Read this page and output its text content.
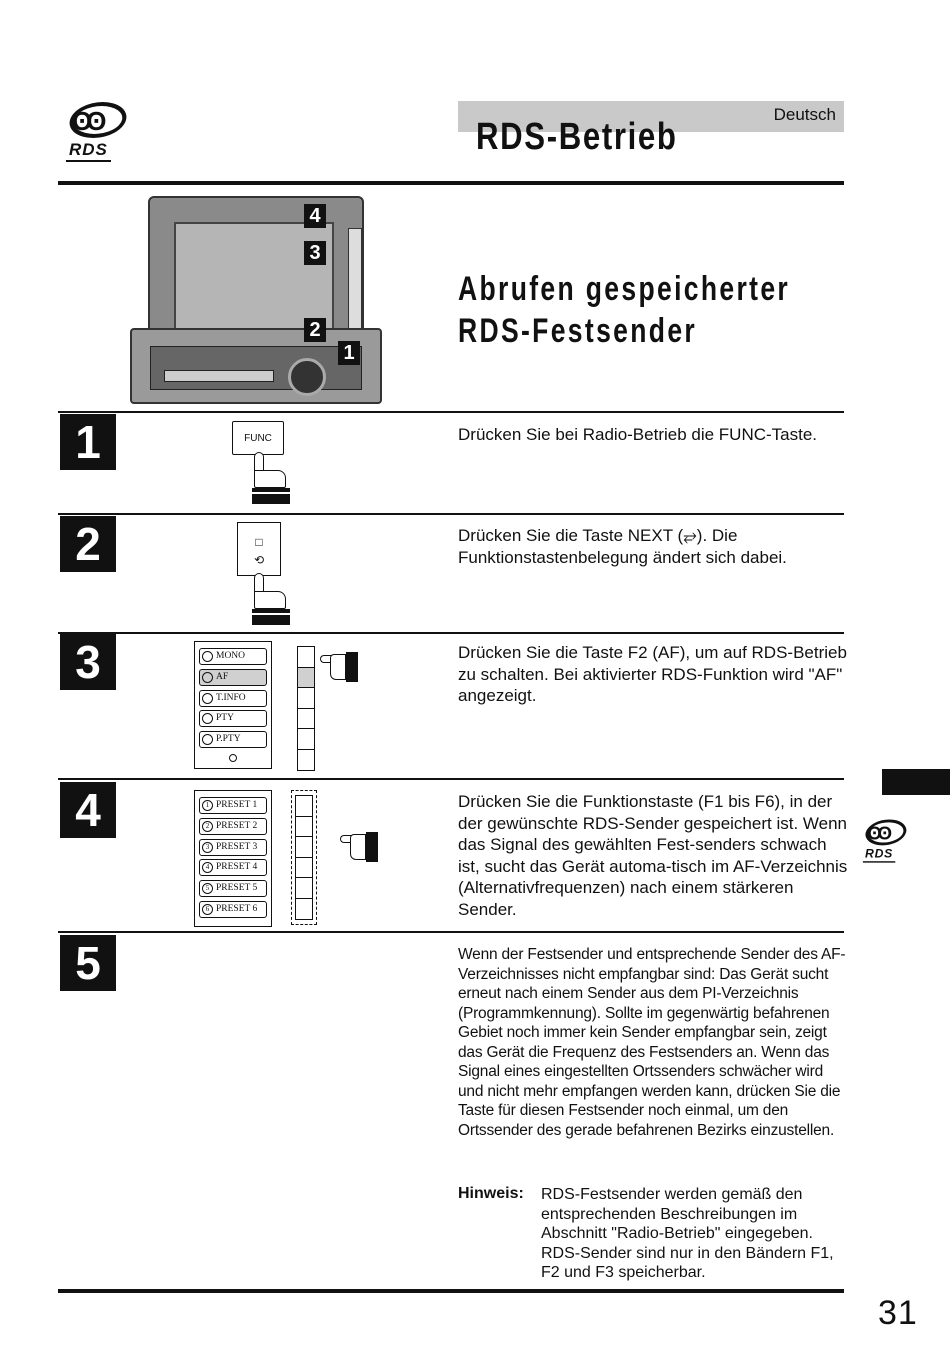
ʘʘ
RDS
Deutsch
RDS-Betrieb
4
3
2
1
Abrufen gespeicherter
RDS-Festsender
1	FUNC	Drücken Sie bei Radio-Betrieb die FUNC-Taste.
2	□
⟲
Drücken Sie die Taste NEXT (⥂). Die Funktionstastenbelegung ändert sich dabei.
3	MONO
AF
T.INFO
PTY
P.PTY
Drücken Sie die Taste F2 (AF), um auf RDS-Betrieb zu schalten. Bei aktivierter RDS-Funktion wird "AF" angezeigt.
4	1 PRESET 1
2 PRESET 2
3 PRESET 3
4 PRESET 4
5 PRESET 5
6 PRESET 6
Drücken Sie die Funktionstaste (F1 bis F6), in der der gewünschte RDS-Sender gespeichert ist. Wenn das Signal des gewählten Fest-senders schwach ist, sucht das Gerät automa-tisch im AF-Verzeichnis (Alternativfrequenzen) nach einem stärkeren Sender.
5	Wenn der Festsender und entsprechende Sender des AF-Verzeichnisses nicht empfangbar sind: Das Gerät sucht erneut nach einem Sender aus dem PI-Verzeichnis (Programmkennung). Sollte im gegenwärtig befahrenen Gebiet noch immer kein Sender empfangbar sein, zeigt das Gerät die Frequenz des Festsenders an. Wenn das Signal eines eingestellten Ortssenders schwächer wird und nicht mehr empfangen werden kann, drücken Sie die Taste für diesen Festsender noch einmal, um den Ortssender des gerade befahrenen Bezirks einzustellen.
Hinweis: RDS-Festsender werden gemäß den entsprechenden Beschreibungen im Abschnitt "Radio-Betrieb" eingegeben. RDS-Sender sind nur in den Bändern F1, F2 und F3 speicherbar.
ʘʘ
RDS
31
